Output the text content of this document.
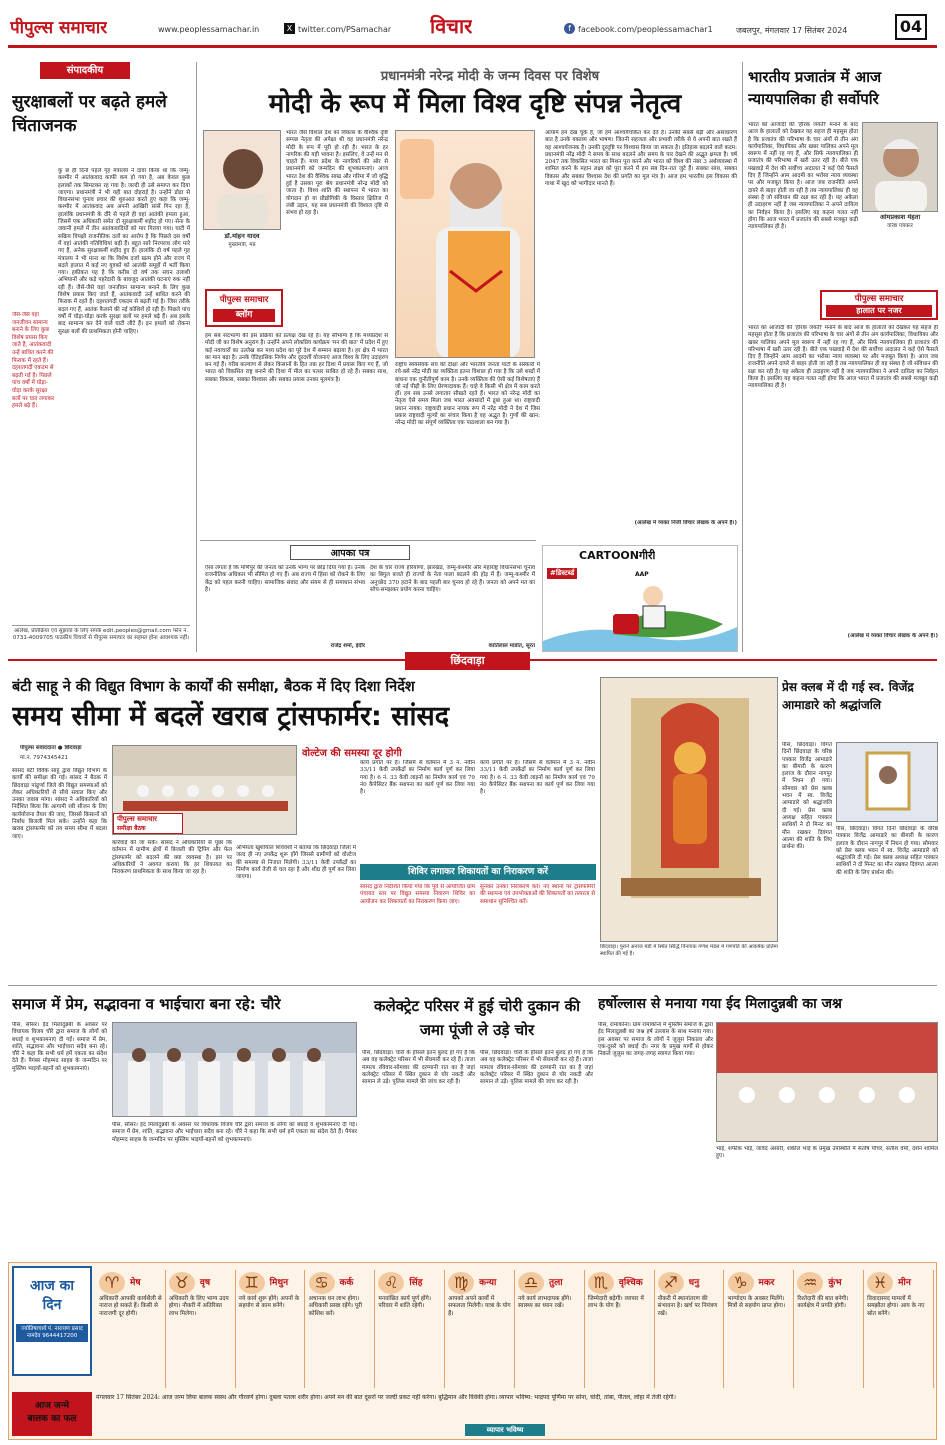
पीपुल्स समाचार	www.peoplessamachar.in	X twitter.com/PSamachar विचार	f facebook.com/peoplessamachar1	जबलपुर, मंगलवार 17 सितंबर 2024	04
संपादकीय
सुरक्षाबलों पर बढ़ते हमले चिंताजनक
कु छ ही दिनों पहले गृह मंत्रालय ने दावा किया था कि जम्मू-कश्मीर में आतंकवाद काफी कम हो गया है, अब केवल कुछ इलाकों तक सिमटकर रह गया है। जल्दी ही उसे समाप्त कर दिया जाएगा। प्रधानमंत्री ने भी यही बात दोहराई है। उन्होंने डोडा से विधानसभा चुनाव प्रचार की शुरुआत करते हुए कहा कि जम्मू-कश्मीर में आतंकवाद अब अपनी आखिरी सांसें गिन रहा है, हालांकि प्रधानमंत्री के दौरे से पहले ही वहां आतंकी हमला हुआ, जिसमें एक अधिकारी समेत दो सुरक्षाकर्मी शहीद हो गए। सेना के जवानी हमले में तीन आतंकवादियों को मार गिराया गया। घाटी में सक्रिय विपक्षी राजनीतिक दलों का आरोप है कि पिछले दस वर्षों में वहां आतंकी गतिविधियां बढ़ी हैं। बहुत सारे निरपराध लोग मारे गए हैं, अनेक सुरक्षाकर्मी शहीद हुए हैं। हालांकि दो वर्ष पहले गृह मंत्रालय ने भी माना था कि विशेष दर्जा खत्म होने और राज्य में बदले हालात में कई नए युवकों को आतंकी समूहों में भर्ती किया गया। हकीकत यह है कि करीब दो वर्ष तक सघन तलाशी अभियानों और कड़े पहरेदारी के बावजूद आतंकी घटनाएं रुक नहीं रही हैं। जैसे-जैसे वहां जनजीवन सामान्य बनाने के लिए कुछ विशेष प्रयास किए जाते हैं, आतंकवादी उन्हें बाधित करने की फिराक में रहते हैं। दहशतगर्दी एकदम से बढ़ती गई है। जिस तरीके बदल गए हैं, आतंक फैलाने की नई कोशिशें हो रही हैं। पिछले पांच वर्षों में घोड़ा-घोड़ा करके सुरक्षा बलों पर हमले बढ़े हैं। अब इसके बाद सामान्य कर देने वाले घाटी लौटे हैं। इन हमलों को रोकना सुरक्षा बलों की प्राथमिकता होनी चाहिए।
जैसे-जैसे वहां जनजीवन सामान्य बनाने के लिए कुछ विशेष प्रयास किए जाते हैं, आतंकवादी उन्हें बाधित करने की फिराक में रहते हैं। दहशतगर्दी एकदम से बढ़ती गई है। पिछले पांच वर्षों में घोड़ा-घोड़ा करके सुरक्षा बलों पर घात लगाकर हमले बढ़े हैं।
आलेख, प्रतिक्रिया एवं सुझावों के लिए संपर्क edit.peoples@gmail.com फोन नं. 0731-4009705 पाठकीय विचारों से पीपुल्स समाचार का सहमत होना आवश्यक नहीं।
प्रधानमंत्री नरेन्द्र मोदी के जन्म दिवस पर विशेष
मोदी के रूप में मिला विश्व दृष्टि संपन्न नेतृत्व
डॉ.मोहन यादव
मुख्यमंत्री, मप्र
पीपुल्स समाचार
ब्लॉग
भारत जैसे विशाल देश को विकास के वैश्विक दृष्टि सम्पन्न नेतृत्व की अपेक्षा थी वह प्रधानमंत्री नरेन्द्र मोदी के रूप में पूरी हो रही है। भारत के हर नागरिक की यही भावना है। इसलिए, वे उन्हें मन से चाहते हैं। मध्य प्रदेश के नागरिकों की ओर से प्रधानमंत्री को जन्मदिन की शुभकामनाएं। आज भारत देश की वैश्विक साख और गरिमा में जो वृद्धि हुई है उसका पूरा श्रेय प्रधानमंत्री नरेन्द्र मोदी को जाता है। विश्व शांति की स्थापना में भारत का योगदान हो या प्रौद्योगिकी के विस्तार क्षितिज में लंबी उड़ान, यह सब प्रधानमंत्री की विशाल दृष्टि से संभव हो रहा है।
हम सब सदभाग्य की इस प्रक्रिया को प्रत्यक्ष देख रहे हैं। यह सौभाग्य है कि मध्यप्रदेश से मोदी जी का विशेष अनुराग है। उन्होंने अपने लोकप्रिय कार्यक्रम 'मन की बात' में प्रदेश में हुए कई नवाचारों का उल्लेख कर मध्य प्रदेश का पूरे देश में सम्मान बढ़ाया है। हर क्षेत्र में भारत का मान बढ़ा है। उनके ऐतिहासिक निर्णय और दूरदर्शी योजनाएं आज विश्व के लिए उदाहरण बन गई हैं। गरीब कल्याण से लेकर किसानों के हित तक हर दिशा में प्रयास किए गए हैं, जो भारत को विकसित राष्ट्र बनाने की दिशा में मील का पत्थर साबित हो रहे हैं। सबका साथ, सबका विकास, सबका विश्वास और सबका प्रयास उनका मूलमंत्र है।
राष्ट्रीय स्वयंसेवक संघ की दीक्षा और भारतीय जनता पार्टी के संस्कारों में रचे-बसे नरेंद्र मोदी का व्यक्तित्व इतना विशाल हो गया है कि उसे शब्दों में बांधना एक चुनौतीपूर्ण काम है। उनके व्यक्तित्व की ऐसी कई विशेषताएं हैं जो नई पीढ़ी के लिए प्रेरणादायक हैं। चाहे वे किसी भी क्षेत्र में काम करते हों। हम सब उनसे लगातार सीखते रहते हैं। भारत को नरेन्द्र मोदी का नेतृत्व ऐसे समय मिला जब भारत अवसादों में डूबा हुआ था। राष्ट्रवादी प्रधान नायक: राष्ट्रवादी प्रधान नायक रूप में नरेंद्र मोदी ने देश में जिस प्रकार राष्ट्रवादी मूल्यों का संचार किया है वह अद्भुत है। गुणों की खान: नरेन्द्र मोदी का संपूर्ण व्यक्तित्व एक पाठशाला बन गया है।
आयाम हम देख चुके हैं, जो हमें आश्चर्यचकित कर देते हैं। उनकी सबसे बड़ी और असाधारण बात है उनके वक्तव्य और भाषण। जितनी सहजता और प्रभावी तरीके से वे अपनी बात रखते हैं वह आश्चर्यजनक है। उनकी दूरदृष्टि पर विश्वास किया जा सकता है। इतिहास बदलने वाले कदम: प्रधानमंत्री नरेंद्र मोदी ने समय के साथ बदलने और समय के पार देखने की अद्भुत क्षमता है। वर्ष 2047 तक विकसित भारत का मिशन पूरा करने और भारत को विश्व की नंबर 3 अर्थव्यवस्था में शामिल करने के महान लक्ष्य को पूरा करने में हम सब दिन-रात जुटे हैं। सबका साथ, सबका विकास और सबका विश्वास देश की प्रगति का मूल मंत्र है। आज हम भारतीय इस विकास की गाथा में खुद को भागीदार मानते हैं।
(आलेख में व्यक्त निजी विचार लेखक के अपने हैं।)
भारतीय प्रजातंत्र में आज न्यायपालिका ही सर्वोपरि
ओमप्रकाश मेहता
वरिष्ठ पत्रकार
पीपुल्स समाचार
हालात पर नजर
भारत को आजादी की 'हीरक जयंती' मनाने के बाद आज के हालातों को देखकर यह सहज ही महसूस होता है कि प्रजातंत्र की परिभाषा के चार अंगों से तीन अंग कार्यपालिका, विधायिका और खबर पालिका अपने मूल स्वरूप में नहीं रह गए हैं, और सिर्फ न्यायपालिका ही प्रजातंत्र की परिभाषा में खरी उतर रही है। बीते एक पखवाड़े में देश की सर्वोच्च अदालत ने कई ऐसे फैसले दिए हैं जिन्होंने आम आदमी का भरोसा न्याय व्यवस्था पर और मजबूत किया है। आज जब राजनीति अपने दायरे से बाहर होती जा रही है तब न्यायपालिका ही वह संस्था है जो संविधान की रक्षा कर रही है। यह अकेला ही उदाहरण नहीं है जब न्यायपालिका ने अपने दायित्व का निर्वहन किया है। इसलिए यह कहना गलत नहीं होगा कि आज भारत में प्रजातंत्र की सबसे मजबूत कड़ी न्यायपालिका ही है।
भारत को आजादी की 'हीरक जयंती' मनाने के बाद आज के हालातों को देखकर यह सहज ही महसूस होता है कि प्रजातंत्र की परिभाषा के चार अंगों से तीन अंग कार्यपालिका, विधायिका और खबर पालिका अपने मूल स्वरूप में नहीं रह गए हैं, और सिर्फ न्यायपालिका ही प्रजातंत्र की परिभाषा में खरी उतर रही है। बीते एक पखवाड़े में देश की सर्वोच्च अदालत ने कई ऐसे फैसले दिए हैं जिन्होंने आम आदमी का भरोसा न्याय व्यवस्था पर और मजबूत किया है। आज जब राजनीति अपने दायरे से बाहर होती जा रही है तब न्यायपालिका ही वह संस्था है जो संविधान की रक्षा कर रही है। यह अकेला ही उदाहरण नहीं है जब न्यायपालिका ने अपने दायित्व का निर्वहन किया है। इसलिए यह कहना गलत नहीं होगा कि आज भारत में प्रजातंत्र की सबसे मजबूत कड़ी न्यायपालिका ही है।
(आलेख में व्यक्त विचार लेखक के अपने हैं।)
आपका पत्र
ऐसा लगता है कि मणिपुर की जनता को उनके भाग्य पर छोड़ दिया गया है। उनके राजनीतिक अधिकार भी सीमित हो गए हैं। अब राज्य में हिंसा को रोकने के लिए केंद्र को पहल करनी चाहिए। सामाजिक संवाद और संयम से ही समाधान संभव है।
राजेंद्र शर्मा, इंदौर
देश के चार राज्य हरियाणा, झारखंड, जम्मू-कश्मीर और महाराष्ट्र विधानसभा चुनाव का बिगुल बजते ही राज्यों के नेता पाला बदलने की होड़ में हैं। जम्मू-कश्मीर में अनुच्छेद 370 हटाने के बाद पहली बार चुनाव हो रहे हैं। जनता को अपने मत का सोच-समझकर प्रयोग करना चाहिए।
कांतिलाल मांडोत, सूरत
CARTOONगीरी
#डिस्टर्ब्ड	AAP
छिंदवाड़ा
बंटी साहू ने की विद्युत विभाग के कार्यों की समीक्षा, बैठक में दिए दिशा निर्देश
समय सीमा में बदलें खराब ट्रांसफार्मर: सांसद
पीपुल्स संवाददाता ● छिंदवाड़ा
मो.नं. 7974345421
सांसद बंटी विवेक साहू द्वारा विद्युत विभाग के कार्यों की समीक्षा की गई। सांसद ने बैठक में छिंदवाड़ा पांढुर्णा जिले की विद्युत समस्याओं को लेकर अधिकारियों से सीधे सवाल किए और उनका जवाब मांगा। सांसद ने अधिकारियों को निर्देशित किया कि आगामी रबी सीजन के लिए कार्ययोजना तैयार की जाए, जिससे किसानों को निर्बाध बिजली मिल सके। उन्होंने कहा कि खराब ट्रांसफार्मर को तय समय सीमा में बदला जाए।
पीपुल्स समाचार
समीक्षा बैठक
कार्रवाई की जा सके। सांसद ने अधिकारियों से पूछा कि वर्तमान में ग्रामीण क्षेत्रों में बिजली की ट्रिपिंग और फेल ट्रांसफार्मर को बदलने की क्या व्यवस्था है। इस पर अधिकारियों ने अवगत कराया कि हर शिकायत का निराकरण प्राथमिकता के साथ किया जा रहा है।
वोल्टेज की समस्या दूर होगी
अभियंता खुशीयाल शिववंशी ने बताया कि छिंदवाड़ा जिला में जल्द ही नए उपकेंद्र शुरू होंगे जिससे ग्रामीणों को वोल्टेज की समस्या से निजात मिलेगी। 33/11 केवी उपकेंद्रों का निर्माण कार्य तेजी से चल रहा है और शीघ्र ही पूर्ण कर लिया जाएगा।
कार्य प्रगति पर है। जिसमें से वर्तमान में 3 नं. नवीन 33/11 केवी उपकेंद्रों का निर्माण कार्य पूर्ण कर लिया गया है। 6 नं. 33 केवी लाइनों का निर्माण कार्य एवं 79 नं0 कैपेसिटर बैंक स्थापना का कार्य पूर्ण कर लिया गया है।
कार्य प्रगति पर है। जिसमें से वर्तमान में 3 नं. नवीन 33/11 केवी उपकेंद्रों का निर्माण कार्य पूर्ण कर लिया गया है। 6 नं. 33 केवी लाइनों का निर्माण कार्य एवं 79 नं0 कैपेसिटर बैंक स्थापना का कार्य पूर्ण कर लिया गया है।
शिविर लगाकर शिकायतों का निराकरण करें
सांसद द्वारा निर्देशित किया गया कि पूर्व से आयोजित ग्राम पंचायत स्तर पर विद्युत समस्या निवारण शिविर का आयोजन कर शिकायतों का निराकरण किया जाए।
सुनकर उनका निराकरण करें। नए स्थानों पर ट्रांसफार्मरों की स्थापना एवं उपभोक्ताओं की शिकायतों का तत्परता से समाधान सुनिश्चित करें।
छिंदवाड़ा। पुराने अनाज मंडी में स्थित सिद्धि विनायक गणेश मंडल में गणपति की आकर्षक प्रतिमा स्थापित की गई है।
प्रेस क्लब में दी गई स्व. विजेंद्र आमाडारे को श्रद्धांजलि
पीसं, छिंदवाड़ा। विगत दिनों छिंदवाड़ा के वरिष्ठ पत्रकार विजेंद्र आमाडारे का बीमारी के कारण इलाज के दौरान नागपुर में निधन हो गया। सोमवार को प्रेस क्लब भवन में स्व. विजेंद्र आमाडारे को श्रद्धांजलि दी गई। प्रेस क्लब अध्यक्ष सहित पत्रकार साथियों ने दो मिनट का मौन रखकर दिवंगत आत्मा की शांति के लिए प्रार्थना की।
पीसं, छिंदवाड़ा। विगत दिनों छिंदवाड़ा के वरिष्ठ पत्रकार विजेंद्र आमाडारे का बीमारी के कारण इलाज के दौरान नागपुर में निधन हो गया। सोमवार को प्रेस क्लब भवन में स्व. विजेंद्र आमाडारे को श्रद्धांजलि दी गई। प्रेस क्लब अध्यक्ष सहित पत्रकार साथियों ने दो मिनट का मौन रखकर दिवंगत आत्मा की शांति के लिए प्रार्थना की।
समाज में प्रेम, सद्भावना व भाईचारा बना रहे: चौरे
पीसं, सौसर। ईद मिलादुन्नबी के अवसर पर विधायक विजय चौरे द्वारा समाज के लोगों को बधाई व शुभकामनाएं दी गईं। समाज में प्रेम, शांति, सद्भावना और भाईचारा सदैव बना रहे। चौरे ने कहा कि सभी धर्म हमें एकता का संदेश देते हैं। पैगंबर मोहम्मद साहब के जन्मदिन पर मुस्लिम भाइयों-बहनों को शुभकामनाएं।
पीसं, सौसर। ईद मिलादुन्नबी के अवसर पर विधायक विजय चौरे द्वारा समाज के लोगों को बधाई व शुभकामनाएं दी गईं। समाज में प्रेम, शांति, सद्भावना और भाईचारा सदैव बना रहे। चौरे ने कहा कि सभी धर्म हमें एकता का संदेश देते हैं। पैगंबर मोहम्मद साहब के जन्मदिन पर मुस्लिम भाइयों-बहनों को शुभकामनाएं।
कलेक्ट्रेट परिसर में हुई चोरी दुकान की जमा पूंजी ले उड़े चोर
पीसं, छिंदवाड़ा। चोरों के हौसले इतने बुलंद हो गए हैं कि अब वह कलेक्ट्रेट परिसर में भी सेंधमारी कर रहे हैं। ताजा मामला रविवार-सोमवार की दरम्यानी रात का है जहां कलेक्ट्रेट परिसर में स्थित दुकान से चोर नकदी और सामान ले उड़े। पुलिस मामले की जांच कर रही है।
पीसं, छिंदवाड़ा। चोरों के हौसले इतने बुलंद हो गए हैं कि अब वह कलेक्ट्रेट परिसर में भी सेंधमारी कर रहे हैं। ताजा मामला रविवार-सोमवार की दरम्यानी रात का है जहां कलेक्ट्रेट परिसर में स्थित दुकान से चोर नकदी और सामान ले उड़े। पुलिस मामले की जांच कर रही है।
हर्षोल्लास से मनाया गया ईद मिलादुन्नबी का जश्न
पीसं, रामाकोना। ग्राम रामाकोना में मुस्लिम समाज के द्वारा ईद मिलादुन्नबी का जश्न हर्ष उल्लास के साथ मनाया गया। इस अवसर पर समाज के लोगों ने जुलूस निकाला और एक-दूसरे को बधाई दी। नगर के प्रमुख मार्गों से होकर निकले जुलूस का जगह-जगह स्वागत किया गया।
भाई, शफीक भाई, जावेद अंसारी, शकील भाई के प्रमुख उपस्थिति में संतोष पौचरे, सतीश वर्मा, दर्शन शामिल हुए।
आज का
दिन
ज्योतिषाचार्य पं. नारायण प्रसाद नामदेव 9644417200
♈	मेष
अधिकारी आपकी कार्यशैली से नाराज हो सकते हैं। किसी से नाराजगी दूर होगी।
♉	वृष
अधिकारी के लिए भाग्य उदय होगा। नौकरी में अतिरिक्त लाभ मिलेगा।
♊	मिथुन
नये कार्य शुरू होंगे। अपनों के सहयोग से काम बनेंगे।
♋	कर्क
अचानक धन लाभ होगा। अधिकारी प्रसन्न रहेंगे। पूरी कोशिश करें।
♌	सिंह
मनवांछित कार्य पूर्ण होंगे। परिवार में शांति रहेगी।
♍	कन्या
आपको अपने कार्यों में सफलता मिलेगी। यात्रा के योग हैं।
♎	तुला
नये कार्य लाभदायक होंगे। स्वास्थ्य का ध्यान रखें।
♏	वृश्चिक
जिम्मेदारी बढ़ेगी। व्यापार में लाभ के योग हैं।
♐	धनु
नौकरी में स्थानांतरण की संभावना है। खर्च पर नियंत्रण रखें।
♑	मकर
भाग्योदय के अवसर मिलेंगे। मित्रों से सहयोग प्राप्त होगा।
♒	कुंभ
रिश्तेदारी की बात बनेगी। कार्यक्षेत्र में प्रगति होगी।
♓	मीन
विवादास्पद मामलों में समझौता होगा। आय के नए स्रोत बनेंगे।
आज जन्मे
बालक का फल
मंगलवार 17 सितंबर 2024: आज जन्म लिया बालक स्वस्थ और गौरवर्ण होगा। दुबला पतला शरीर होगा। अपने मन की बात दूसरों पर जल्दी प्रकट नहीं करेगा। बुद्धिमान और विवेकी होगा। व्यापार भविष्य: भाद्रपद पूर्णिमा पर सोना, चांदी, तांबा, पीतल, लोहा में तेजी रहेगी।
व्यापार भविष्य
